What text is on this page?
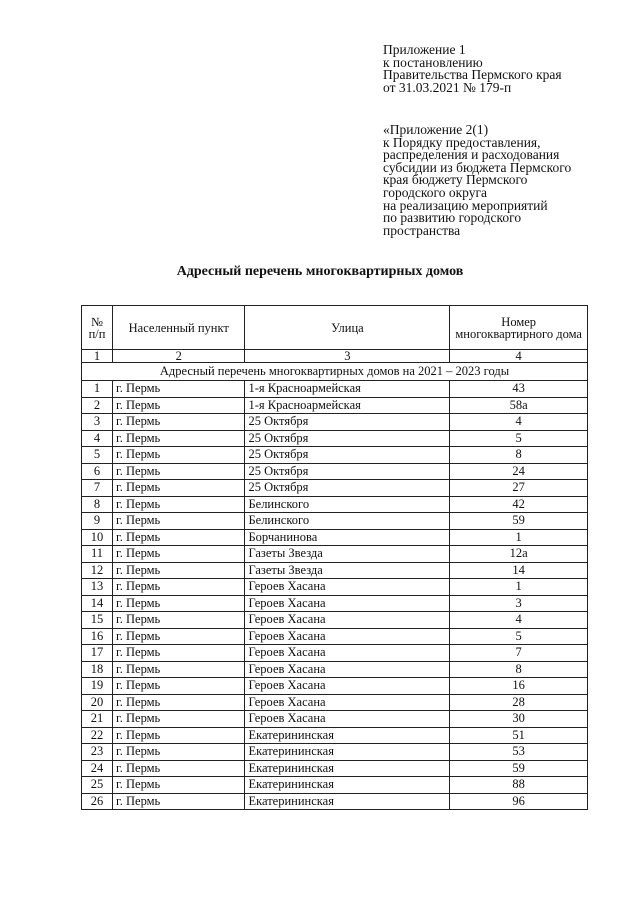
Приложение 1
к постановлению
Правительства Пермского края
от 31.03.2021 № 179-п
«Приложение 2(1)
к Порядку предоставления,
распределения и расходования
субсидии из бюджета Пермского
края бюджету Пермского
городского округа
на реализацию мероприятий
по развитию городского
пространства
Адресный перечень многоквартирных домов
№ п/п	Населенный пункт	Улица	Номер многоквартирного дома
1	2	3	4
Адресный перечень многоквартирных домов на 2021 – 2023 годы			
1	г. Пермь	1-я Красноармейская	43
2	г. Пермь	1-я Красноармейская	58а
3	г. Пермь	25 Октября	4
4	г. Пермь	25 Октября	5
5	г. Пермь	25 Октября	8
6	г. Пермь	25 Октября	24
7	г. Пермь	25 Октября	27
8	г. Пермь	Белинского	42
9	г. Пермь	Белинского	59
10	г. Пермь	Борчанинова	1
11	г. Пермь	Газеты Звезда	12а
12	г. Пермь	Газеты Звезда	14
13	г. Пермь	Героев Хасана	1
14	г. Пермь	Героев Хасана	3
15	г. Пермь	Героев Хасана	4
16	г. Пермь	Героев Хасана	5
17	г. Пермь	Героев Хасана	7
18	г. Пермь	Героев Хасана	8
19	г. Пермь	Героев Хасана	16
20	г. Пермь	Героев Хасана	28
21	г. Пермь	Героев Хасана	30
22	г. Пермь	Екатерининская	51
23	г. Пермь	Екатерининская	53
24	г. Пермь	Екатерининская	59
25	г. Пермь	Екатерининская	88
26	г. Пермь	Екатерининская	96
